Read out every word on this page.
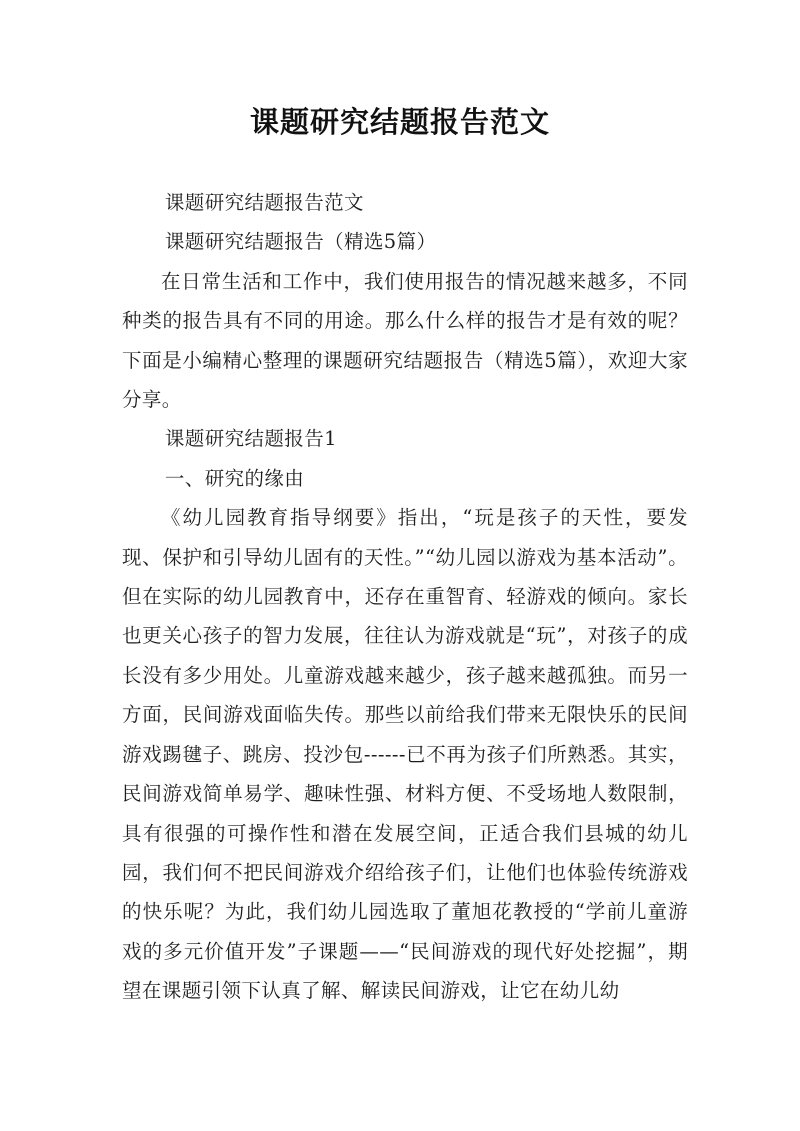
课题研究结题报告范文

课题研究结题报告范文

课题研究结题报告（精选5篇）

在日常生活和工作中，我们使用报告的情况越来越多，不同种类的报告具有不同的用途。那么什么样的报告才是有效的呢？下面是小编精心整理的课题研究结题报告（精选5篇），欢迎大家分享。

课题研究结题报告1

一、研究的缘由

《幼儿园教育指导纲要》指出，“玩是孩子的天性，要发现、保护和引导幼儿固有的天性。”“幼儿园以游戏为基本活动”。但在实际的幼儿园教育中，还存在重智育、轻游戏的倾向。家长也更关心孩子的智力发展，往往认为游戏就是“玩”，对孩子的成长没有多少用处。儿童游戏越来越少，孩子越来越孤独。而另一方面，民间游戏面临失传。那些以前给我们带来无限快乐的民间游戏踢毽子、跳房、投沙包------已不再为孩子们所熟悉。其实，民间游戏简单易学、趣味性强、材料方便、不受场地人数限制，具有很强的可操作性和潜在发展空间，正适合我们县城的幼儿园，我们何不把民间游戏介绍给孩子们，让他们也体验传统游戏的快乐呢？为此，我们幼儿园选取了董旭花教授的“学前儿童游戏的多元价值开发”子课题——“民间游戏的现代好处挖掘”，期望在课题引领下认真了解、解读民间游戏，让它在幼儿幼
